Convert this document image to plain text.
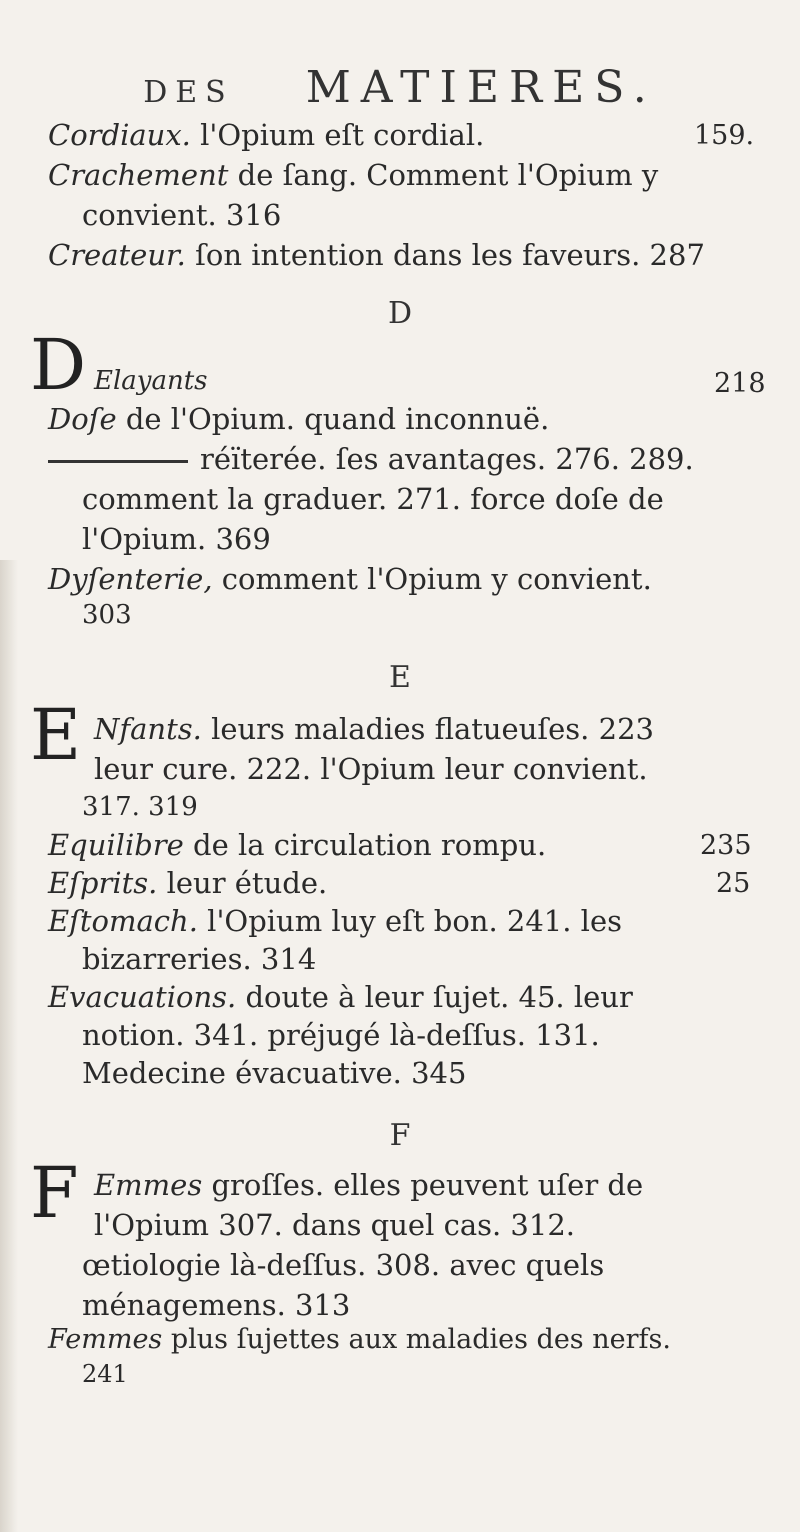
DES MATIERES.
Cordiaux. l'Opium eſt cordial.	159.
Crachement de ſang. Comment l'Opium y
convient. 316
Createur. ſon intention dans les faveurs. 287
D
D Elayants	218
Doſe de l'Opium. quand inconnuë.
réïterée. ſes avantages. 276. 289.
comment la graduer. 271. force doſe de
l'Opium. 369
Dyſenterie, comment l'Opium y convient.
303
E
E Nfants. leurs maladies flatueuſes. 223
leur cure. 222. l'Opium leur convient.
317. 319
Equilibre de la circulation rompu.	235
Eſprits. leur étude.	25
Eſtomach. l'Opium luy eſt bon. 241. les
bizarreries. 314
Evacuations. doute à leur ſujet. 45. leur
notion. 341. préjugé là-deſſus. 131.
Medecine évacuative. 345
F
F Emmes groſſes. elles peuvent uſer de
l'Opium 307. dans quel cas. 312.
œtiologie là-deſſus. 308. avec quels
ménagemens. 313
Femmes plus ſujettes aux maladies des nerfs.
241
